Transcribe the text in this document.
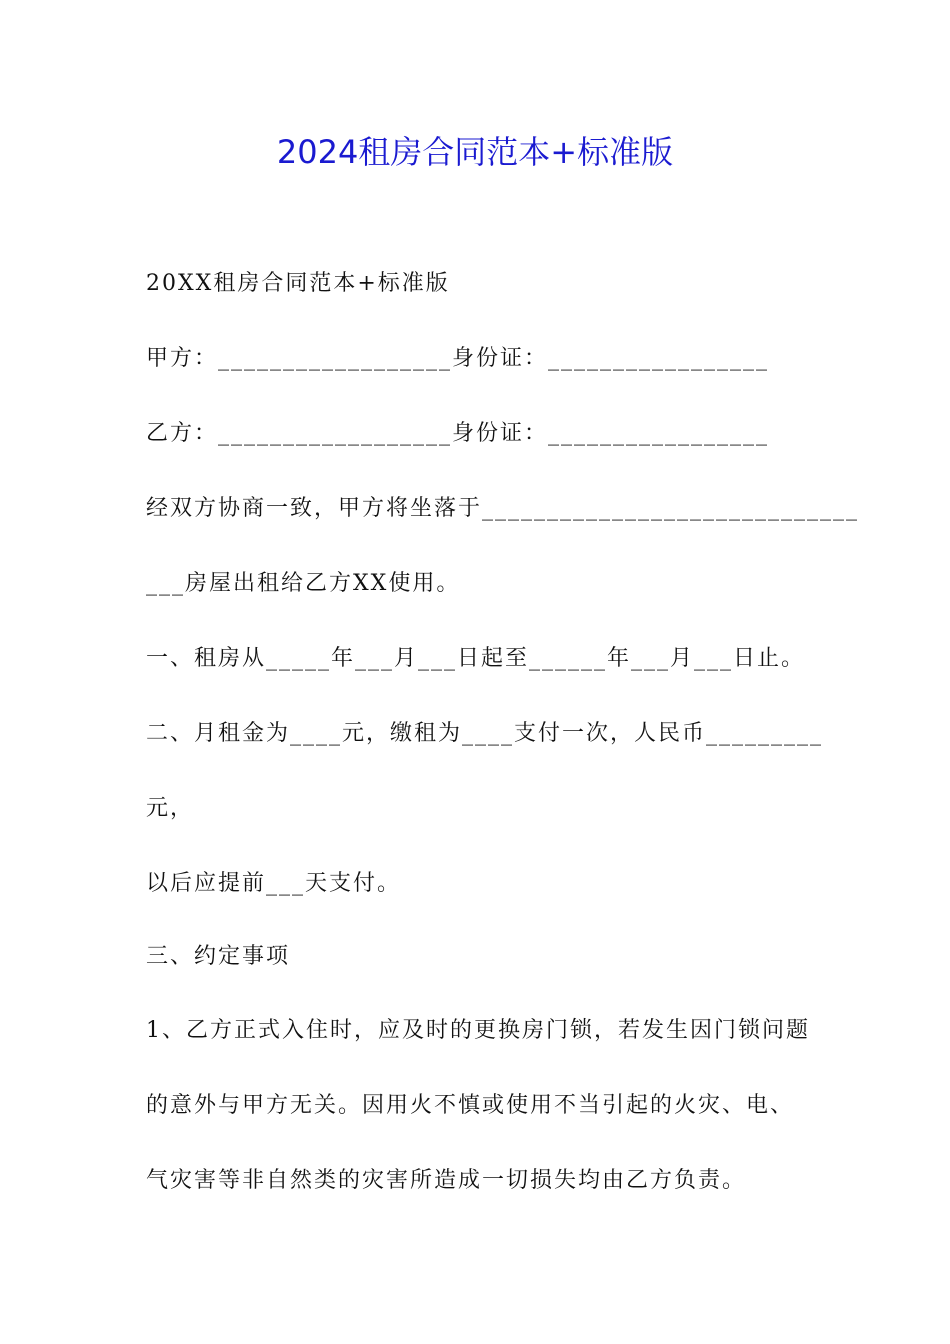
2024租房合同范本+标准版
20XX租房合同范本+标准版
甲方：__________________身份证：_________________
乙方：__________________身份证：_________________
经双方协商一致，甲方将坐落于_____________________________
___房屋出租给乙方XX使用。
一、租房从_____年___月___日起至______年___月___日止。
二、月租金为____元，缴租为____支付一次，人民币_________
元，
以后应提前___天支付。
三、约定事项
1、乙方正式入住时，应及时的更换房门锁，若发生因门锁问题
的意外与甲方无关。因用火不慎或使用不当引起的火灾、电、
气灾害等非自然类的灾害所造成一切损失均由乙方负责。
